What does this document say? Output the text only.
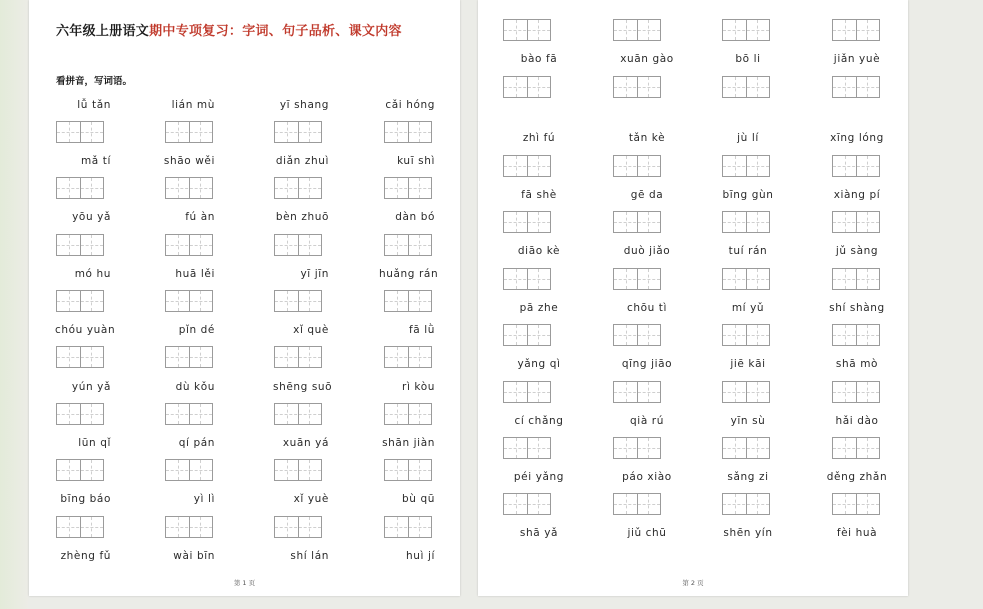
六年级上册语文期中专项复习：字词、句子品析、课文内容
看拼音，写词语。
lǚ tǎn	lián mù	yī shang	cǎi hóng
mǎ tí	shāo wěi	diǎn zhuì	kuī shì
yōu yǎ	fú àn	bèn zhuō	dàn bó
mó hu	huā lěi	yī jīn	huǎng rán
chóu yuàn	pǐn dé	xǐ què	fā lǜ
yún yǎ	dù kǒu	shēng suō	rì kòu
lūn qǐ	qí pán	xuān yá	shān jiàn
bīng báo	yì lì	xǐ yuè	bù qū
zhèng fǔ	wài bīn	shí lán	huì jí
第 1 页
bào fā	xuān gào	bō li	jiǎn yuè
zhì fú	tǎn kè	jù lí	xīng lóng
fā shè	gē da	bīng gùn	xiàng pí
diāo kè	duò jiǎo	tuí rán	jǔ sàng
pā zhe	chōu tì	mí yǔ	shí shàng
yǎng qì	qīng jiāo	jiē kāi	shā mò
cí chǎng	qià rú	yīn sù	hǎi dào
péi yǎng	páo xiào	sǎng zi	děng zhǎn
shā yǎ	jiǔ chū	shēn yín	fèi huà
第 2 页
